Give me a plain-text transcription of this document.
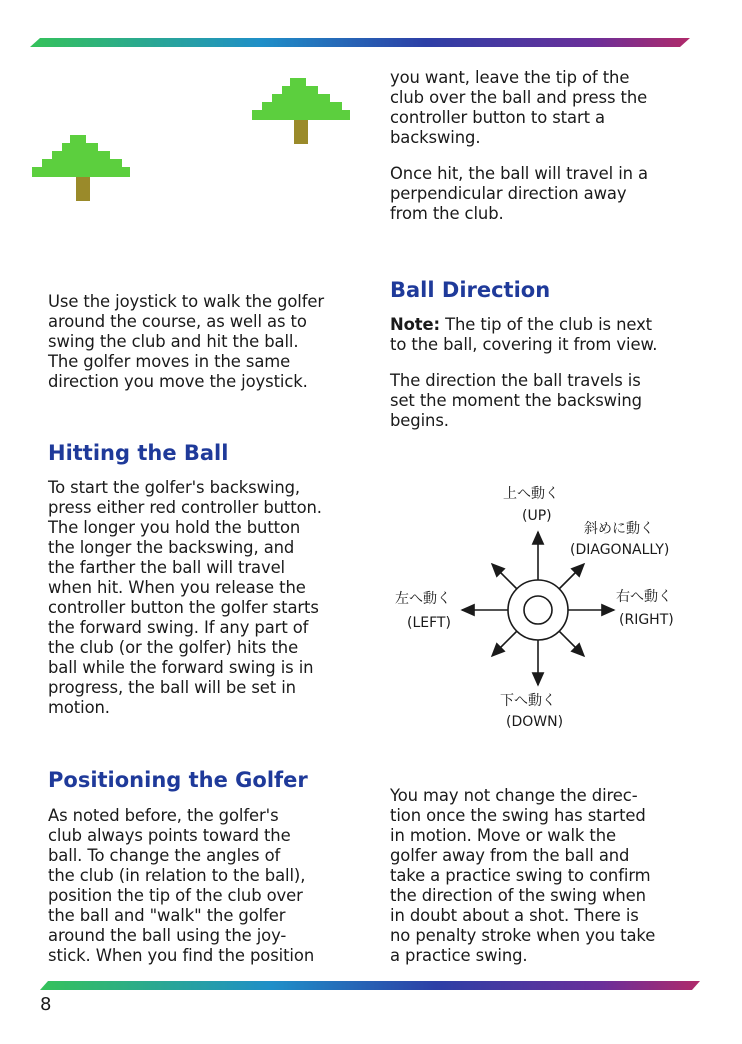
you want, leave the tip of the
club over the ball and press the
controller button to start a
backswing.
Once hit, the ball will travel in a
perpendicular direction away
from the club.
Use the joystick to walk the golfer
around the course, as well as to
swing the club and hit the ball.
The golfer moves in the same
direction you move the joystick.
Ball Direction
Note: The tip of the club is next
to the ball, covering it from view.
The direction the ball travels is
set the moment the backswing
begins.
Hitting the Ball
To start the golfer's backswing,
press either red controller button.
The longer you hold the button
the longer the backswing, and
the farther the ball will travel
when hit. When you release the
controller button the golfer starts
the forward swing. If any part of
the club (or the golfer) hits the
ball while the forward swing is in
progress, the ball will be set in
motion.
上へ動く
(UP)
斜めに動く
(DIAGONALLY)
左へ動く
(LEFT)
右へ動く
(RIGHT)
下へ動く
(DOWN)
Positioning the Golfer
As noted before, the golfer's
club always points toward the
ball. To change the angles of
the club (in relation to the ball),
position the tip of the club over
the ball and "walk" the golfer
around the ball using the joy-
stick. When you find the position
You may not change the direc-
tion once the swing has started
in motion. Move or walk the
golfer away from the ball and
take a practice swing to confirm
the direction of the swing when
in doubt about a shot. There is
no penalty stroke when you take
a practice swing.
8
